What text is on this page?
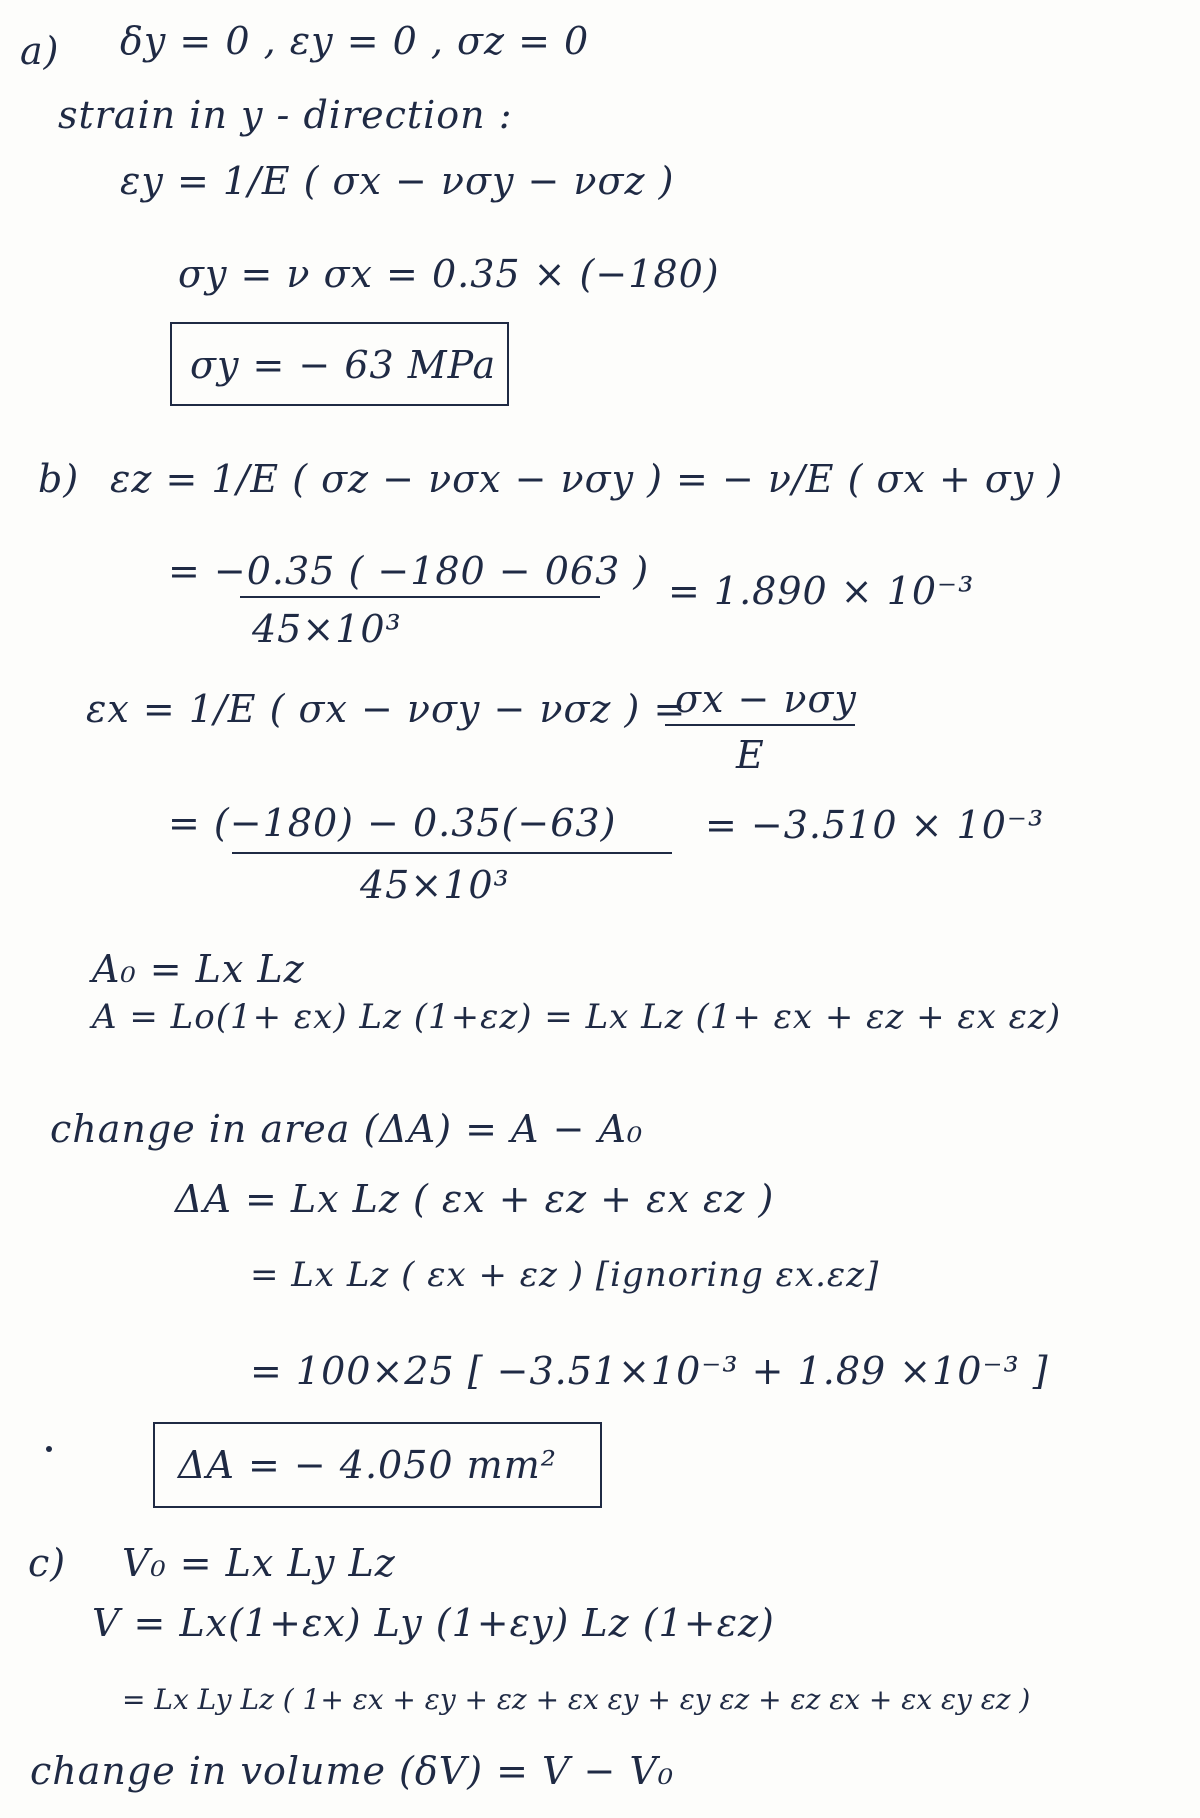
a) δy = 0 , εy = 0 , σz = 0
strain in y - direction :
εy = 1/E ( σx − νσy − νσz )
σy = ν σx = 0.35 × (−180)
σy = − 63 MPa
b) εz = 1/E ( σz − νσx − νσy ) = − ν/E ( σx + σy )
= −0.35 ( −180 − 063 )
45×10³
= 1.890 × 10⁻³
εx = 1/E ( σx − νσy − νσz ) =
σx − νσy
E
= (−180) − 0.35(−63)
45×10³
= −3.510 × 10⁻³
A₀ = Lx Lz
A = Lo(1+ εx) Lz (1+εz) = Lx Lz (1+ εx + εz + εx εz)
change in area (ΔA) = A − A₀
ΔA = Lx Lz ( εx + εz + εx εz )
= Lx Lz ( εx + εz ) [ignoring εx.εz]
= 100×25 [ −3.51×10⁻³ + 1.89 ×10⁻³ ]
ΔA = − 4.050 mm²
c) V₀ = Lx Ly Lz
V = Lx(1+εx) Ly (1+εy) Lz (1+εz)
= Lx Ly Lz ( 1+ εx + εy + εz + εx εy + εy εz + εz εx + εx εy εz )
change in volume (δV) = V − V₀
